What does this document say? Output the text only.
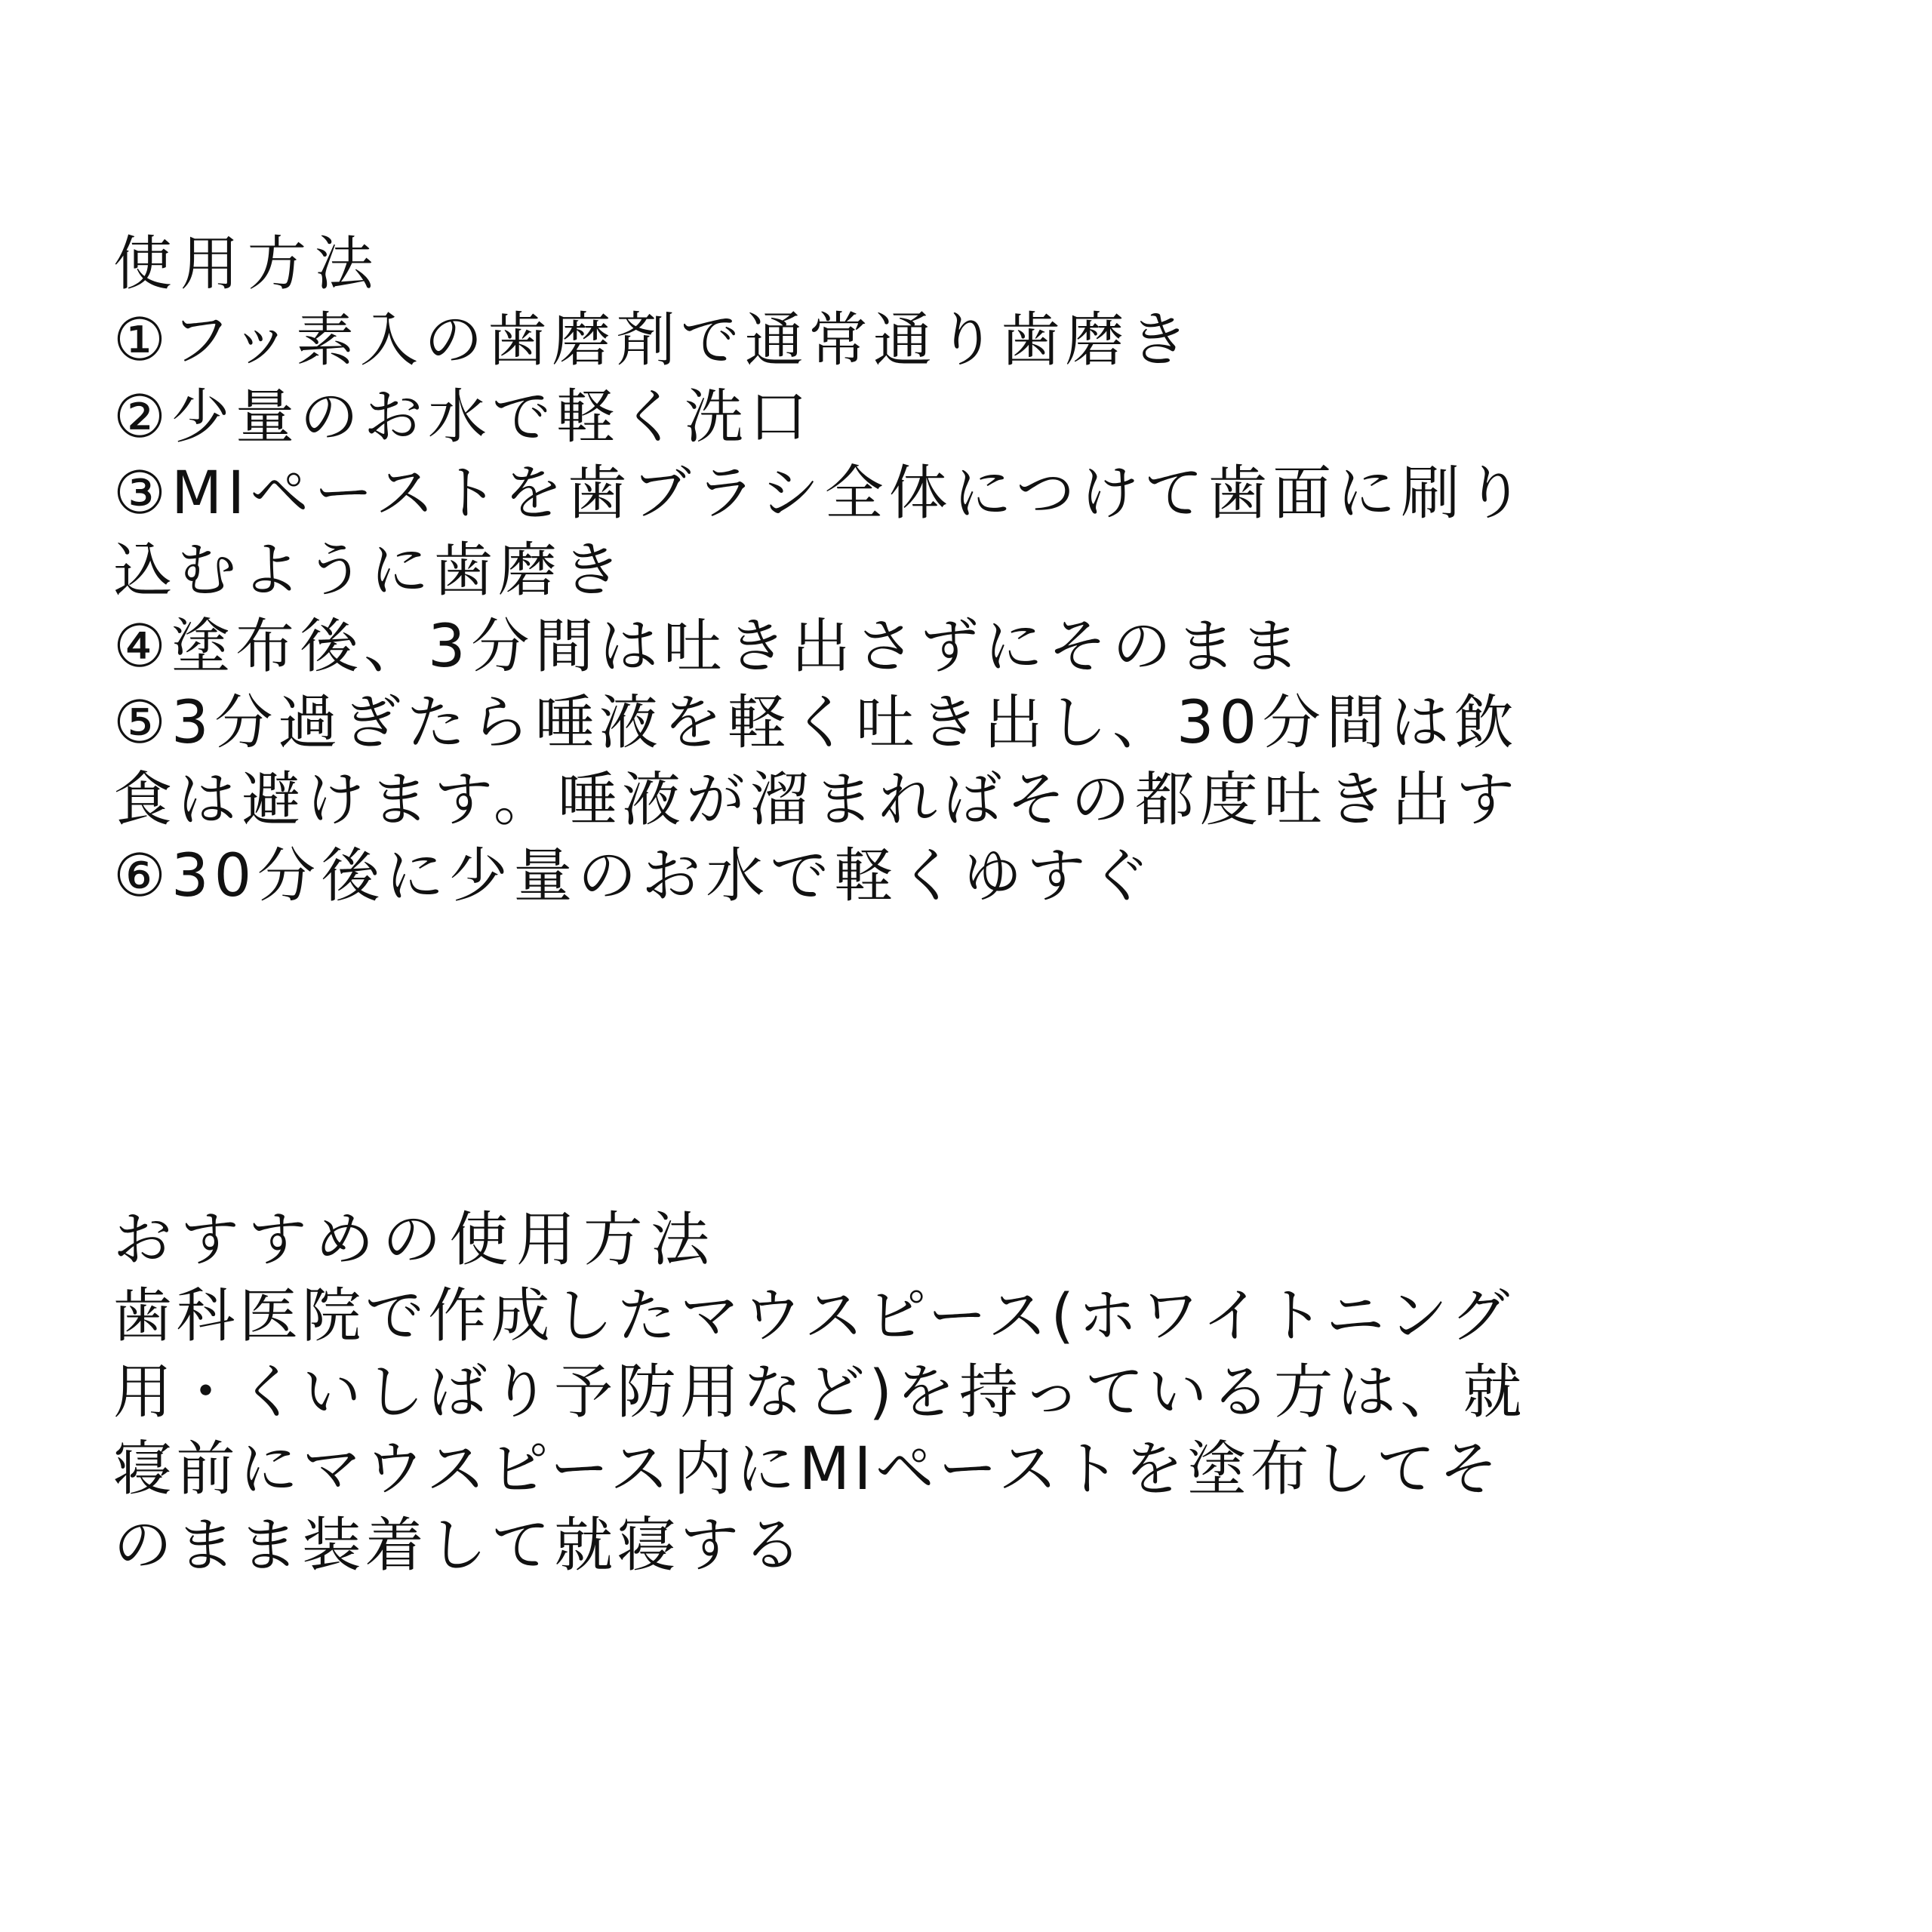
使用方法
①フッ素入の歯磨剤で通常通り歯磨き
②少量のお水で軽く洗口
③MIペーストを歯ブラシ全体につけて歯面に刷り
込むように歯磨き
④塗布後、3分間は吐き出さずにそのまま
⑤3分過ぎたら唾液を軽く吐き出し、30分間は飲
食は避けます。唾液が溜まればその都度吐き出す
⑥30分後に少量のお水で軽くゆすぐ
おすすめの使用方法
歯科医院で作成したマウスピース(ホワイトニング
用・くいしばり予防用など)を持っている方は、就
寝前にマウスピース内にMIペーストを塗布してそ
のまま装着して就寝する
